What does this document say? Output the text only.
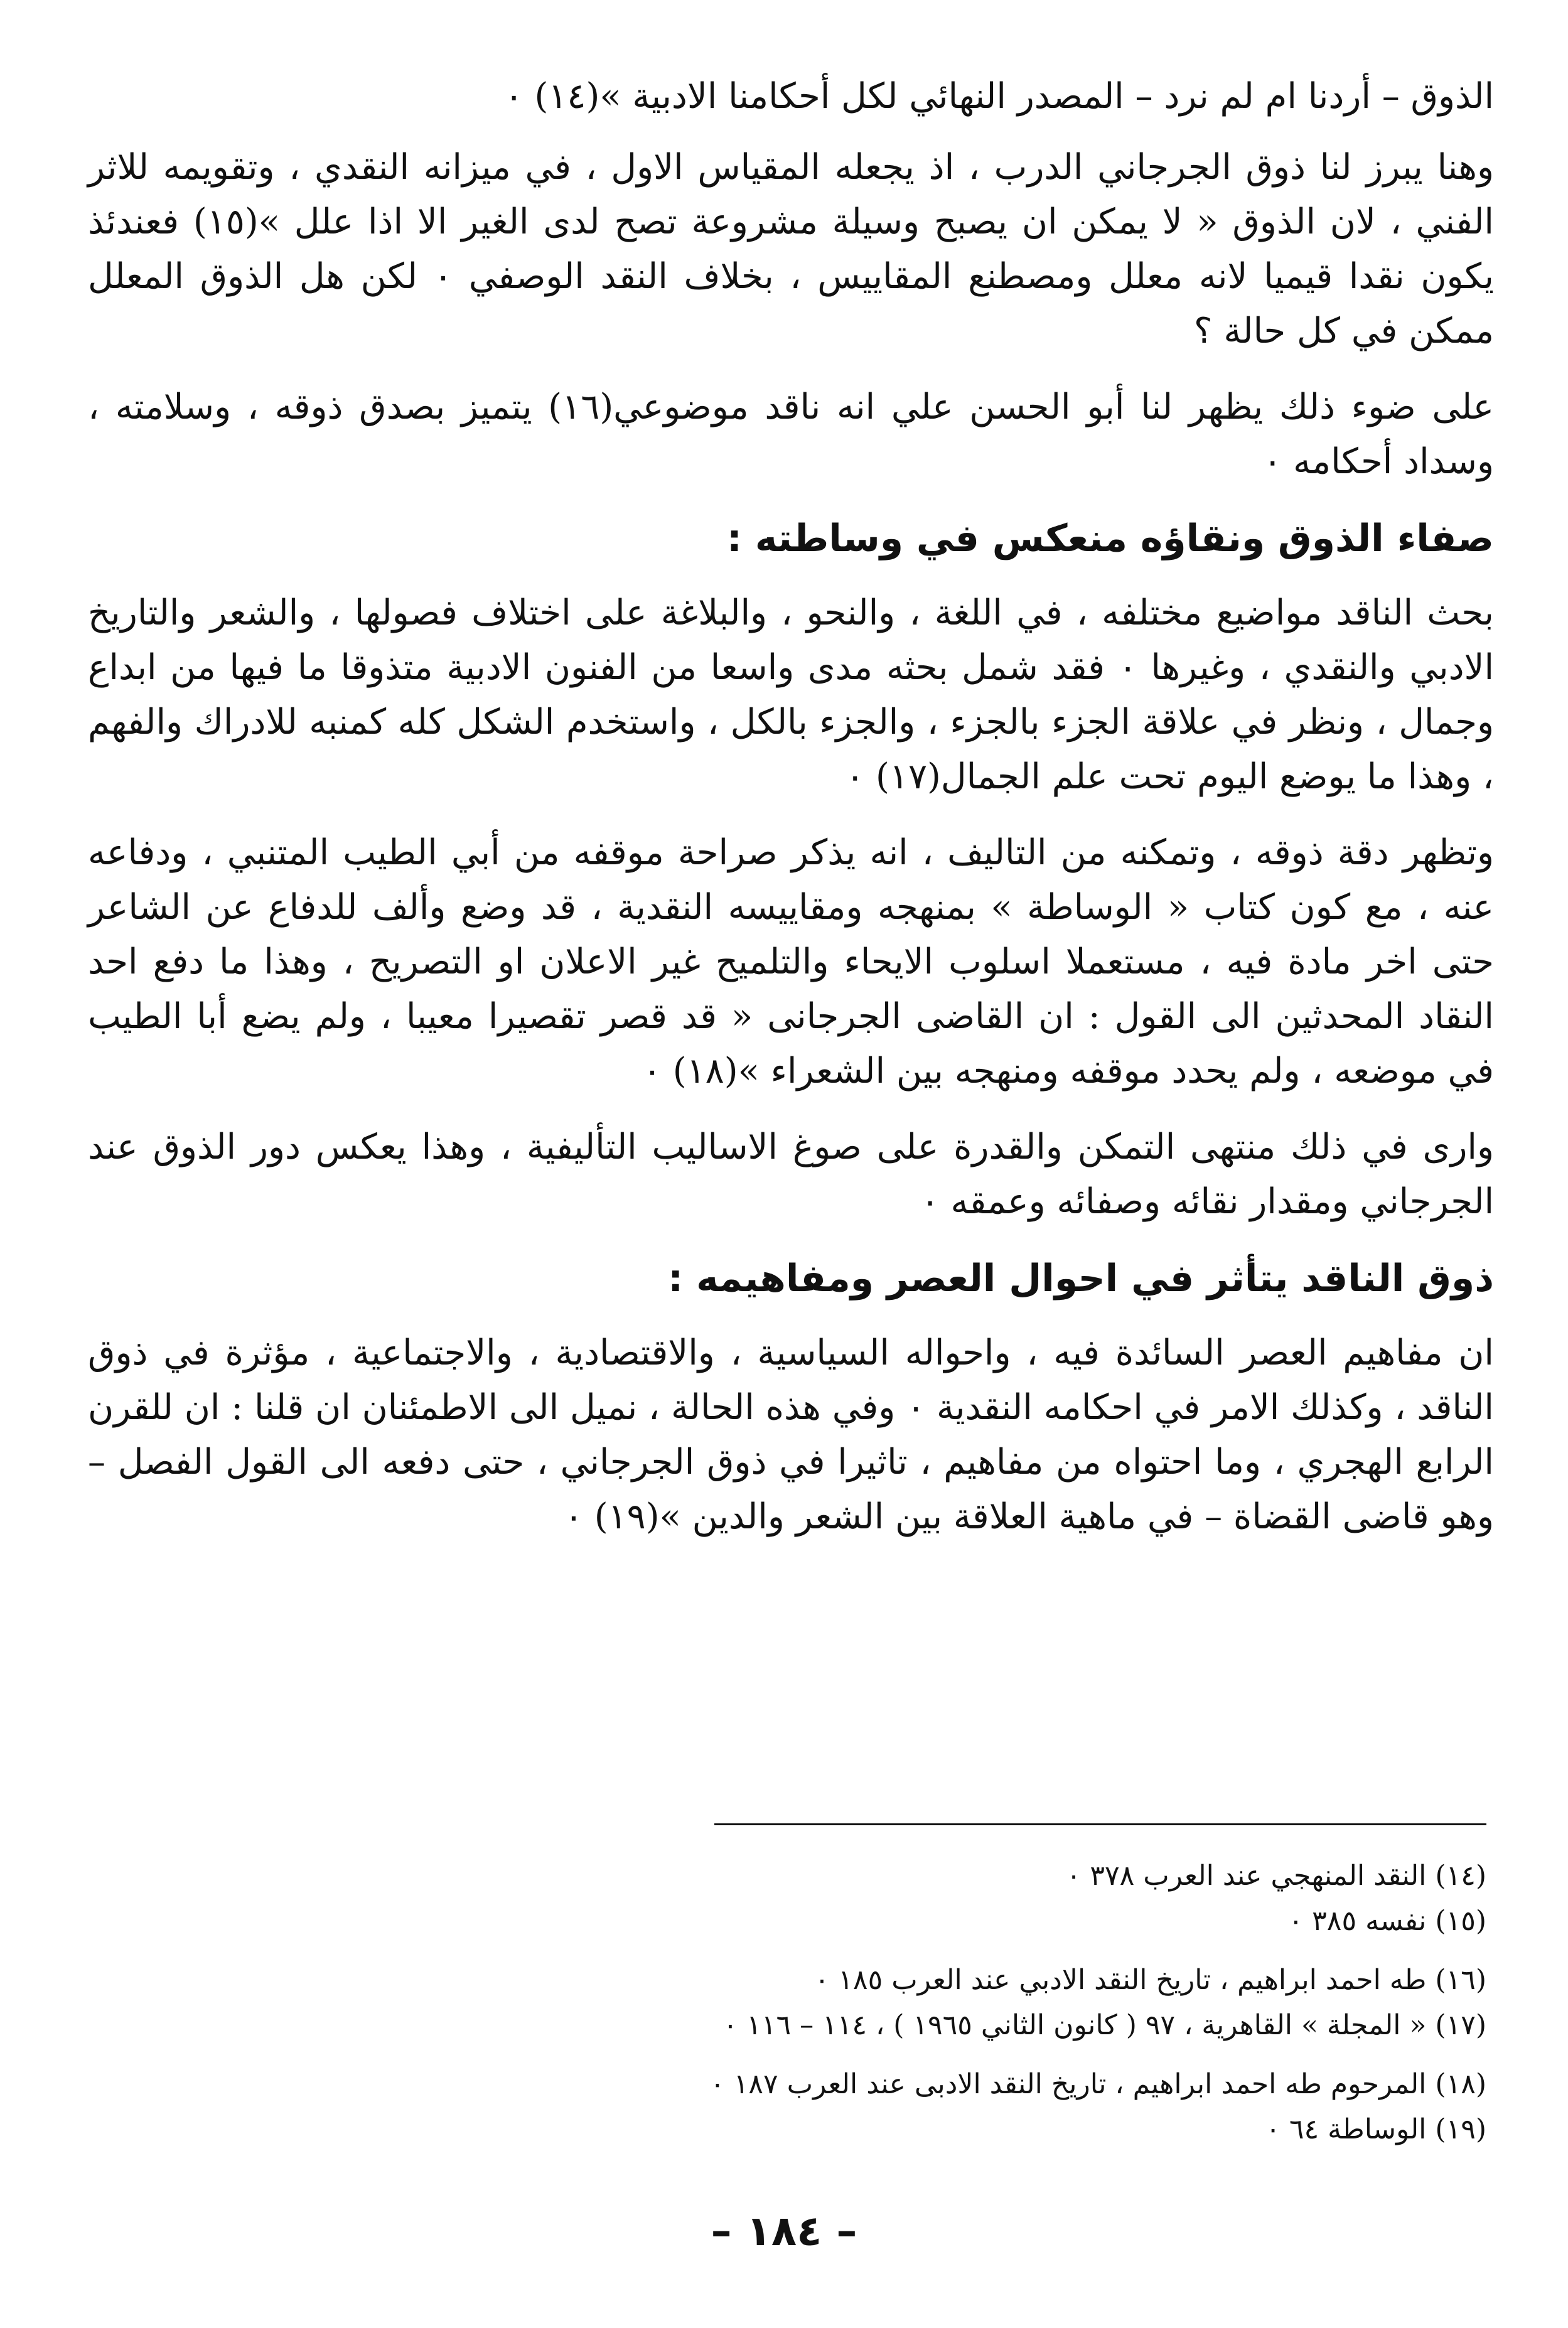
الذوق – أردنا ام لم نرد – المصدر النهائي لكل أحكامنا الادبية »(١٤) ٠

وهنا يبرز لنا ذوق الجرجاني الدرب ، اذ يجعله المقياس الاول ، في ميزانه النقدي ، وتقويمه للاثر الفني ، لان الذوق « لا يمكن ان يصبح وسيلة مشروعة تصح لدى الغير الا اذا علل »(١٥) فعندئذ يكون نقدا قيميا لانه معلل ومصطنع المقاييس ، بخلاف النقد الوصفي ٠ لكن هل الذوق المعلل ممكن في كل حالة ؟

على ضوء ذلك يظهر لنا أبو الحسن علي انه ناقد موضوعي(١٦) يتميز بصدق ذوقه ، وسلامته ، وسداد أحكامه ٠

صفاء الذوق ونقاؤه منعكس في وساطته :

بحث الناقد مواضيع مختلفه ، في اللغة ، والنحو ، والبلاغة على اختلاف فصولها ، والشعر والتاريخ الادبي والنقدي ، وغيرها ٠ فقد شمل بحثه مدى واسعا من الفنون الادبية متذوقا ما فيها من ابداع وجمال ، ونظر في علاقة الجزء بالجزء ، والجزء بالكل ، واستخدم الشكل كله كمنبه للادراك والفهم ، وهذا ما يوضع اليوم تحت علم الجمال(١٧) ٠

وتظهر دقة ذوقه ، وتمكنه من التاليف ، انه يذكر صراحة موقفه من أبي الطيب المتنبي ، ودفاعه عنه ، مع كون كتاب « الوساطة » بمنهجه ومقاييسه النقدية ، قد وضع وألف للدفاع عن الشاعر حتى اخر مادة فيه ، مستعملا اسلوب الايحاء والتلميح غير الاعلان او التصريح ، وهذا ما دفع احد النقاد المحدثين الى القول : ان القاضى الجرجانى « قد قصر تقصيرا معيبا ، ولم يضع أبا الطيب في موضعه ، ولم يحدد موقفه ومنهجه بين الشعراء »(١٨) ٠

وارى في ذلك منتهى التمكن والقدرة على صوغ الاساليب التأليفية ، وهذا يعكس دور الذوق عند الجرجاني ومقدار نقائه وصفائه وعمقه ٠

ذوق الناقد يتأثر في احوال العصر ومفاهيمه :

ان مفاهيم العصر السائدة فيه ، واحواله السياسية ، والاقتصادية ، والاجتماعية ، مؤثرة في ذوق الناقد ، وكذلك الامر في احكامه النقدية ٠ وفي هذه الحالة ، نميل الى الاطمئنان ان قلنا : ان للقرن الرابع الهجري ، وما احتواه من مفاهيم ، تاثيرا في ذوق الجرجاني ، حتى دفعه الى القول الفصل – وهو قاضى القضاة – في ماهية العلاقة بين الشعر والدين »(١٩) ٠

(١٤) النقد المنهجي عند العرب ٣٧٨ ٠

(١٥) نفسه ٣٨٥ ٠

(١٦) طه احمد ابراهيم ، تاريخ النقد الادبي عند العرب ١٨٥ ٠

(١٧) « المجلة » القاهرية ، ٩٧ ( كانون الثاني ١٩٦٥ ) ، ١١٤ – ١١٦ ٠

(١٨) المرحوم طه احمد ابراهيم ، تاريخ النقد الادبى عند العرب ١٨٧ ٠

(١٩) الوساطة ٦٤ ٠

– ١٨٤ –
